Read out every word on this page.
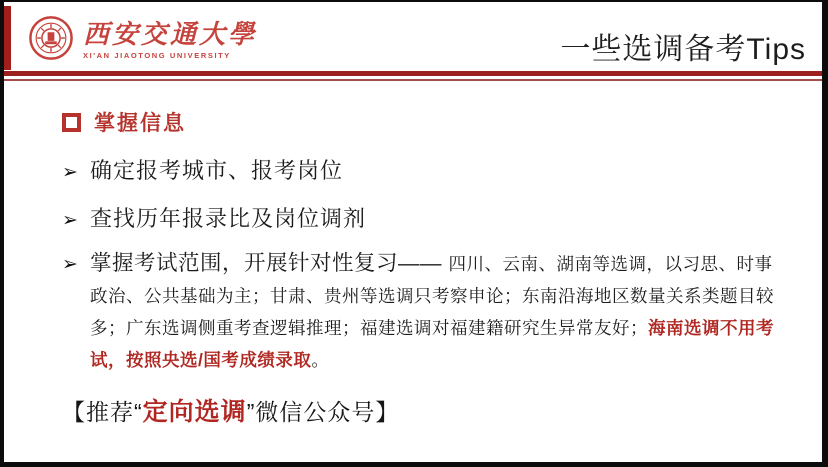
西安交通大學
XI'AN JIAOTONG UNIVERSITY	一些选调备考Tips
掌握信息
➢ 确定报考城市、报考岗位
➢ 查找历年报录比及岗位调剂
➢ 掌握考试范围，开展针对性复习—— 四川、云南、湖南等选调，以习思、时事政治、公共基础为主；甘肃、贵州等选调只考察申论；东南沿海地区数量关系类题目较多；广东选调侧重考查逻辑推理；福建选调对福建籍研究生异常友好；海南选调不用考试，按照央选/国考成绩录取。
【推荐“定向选调”微信公众号】
